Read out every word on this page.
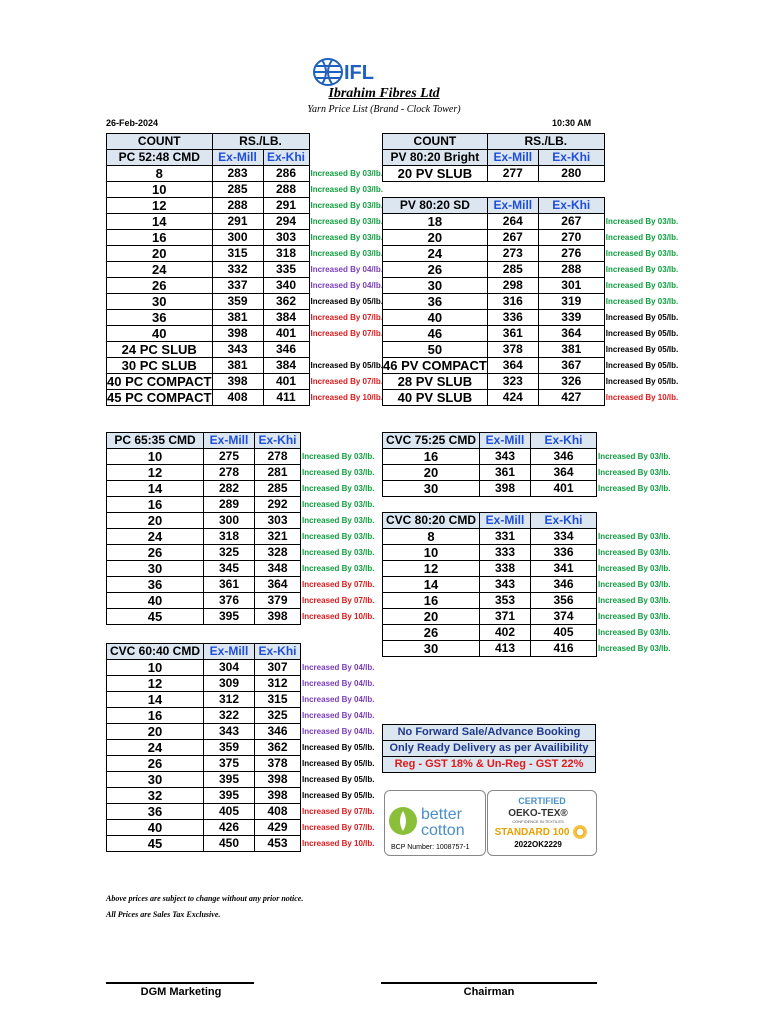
IFL
Ibrahim Fibres Ltd
Yarn Price List (Brand - Clock Tower)
26-Feb-2024	10:30 AM
COUNT	RS./LB.		
PC 52:48 CMD	Ex-Mill	Ex-Khi	
8	283	286	Increased By 03/lb.
10	285	288	Increased By 03/lb.
12	288	291	Increased By 03/lb.
14	291	294	Increased By 03/lb.
16	300	303	Increased By 03/lb.
20	315	318	Increased By 03/lb.
24	332	335	Increased By 04/lb.
26	337	340	Increased By 04/lb.
30	359	362	Increased By 05/lb.
36	381	384	Increased By 07/lb.
40	398	401	Increased By 07/lb.
24 PC SLUB	343	346	
30 PC SLUB	381	384	Increased By 05/lb.
40 PC COMPACT	398	401	Increased By 07/lb.
45 PC COMPACT	408	411	Increased By 10/lb.
COUNT	RS./LB.		
PV 80:20 Bright	Ex-Mill	Ex-Khi	
20 PV SLUB	277	280	

PV 80:20 SD	Ex-Mill	Ex-Khi	
18	264	267	Increased By 03/lb.
20	267	270	Increased By 03/lb.
24	273	276	Increased By 03/lb.
26	285	288	Increased By 03/lb.
30	298	301	Increased By 03/lb.
36	316	319	Increased By 03/lb.
40	336	339	Increased By 05/lb.
46	361	364	Increased By 05/lb.
50	378	381	Increased By 05/lb.
46 PV COMPACT	364	367	Increased By 05/lb.
28 PV SLUB	323	326	Increased By 05/lb.
40 PV SLUB	424	427	Increased By 10/lb.
PC 65:35 CMD	Ex-Mill	Ex-Khi	
10	275	278	Increased By 03/lb.
12	278	281	Increased By 03/lb.
14	282	285	Increased By 03/lb.
16	289	292	Increased By 03/lb.
20	300	303	Increased By 03/lb.
24	318	321	Increased By 03/lb.
26	325	328	Increased By 03/lb.
30	345	348	Increased By 03/lb.
36	361	364	Increased By 07/lb.
40	376	379	Increased By 07/lb.
45	395	398	Increased By 10/lb.
CVC 75:25 CMD	Ex-Mill	Ex-Khi	
16	343	346	Increased By 03/lb.
20	361	364	Increased By 03/lb.
30	398	401	Increased By 03/lb.

CVC 80:20 CMD	Ex-Mill	Ex-Khi	
8	331	334	Increased By 03/lb.
10	333	336	Increased By 03/lb.
12	338	341	Increased By 03/lb.
14	343	346	Increased By 03/lb.
16	353	356	Increased By 03/lb.
20	371	374	Increased By 03/lb.
26	402	405	Increased By 03/lb.
30	413	416	Increased By 03/lb.
CVC 60:40 CMD	Ex-Mill	Ex-Khi	
10	304	307	Increased By 04/lb.
12	309	312	Increased By 04/lb.
14	312	315	Increased By 04/lb.
16	322	325	Increased By 04/lb.
20	343	346	Increased By 04/lb.
24	359	362	Increased By 05/lb.
26	375	378	Increased By 05/lb.
30	395	398	Increased By 05/lb.
32	395	398	Increased By 05/lb.
36	405	408	Increased By 07/lb.
40	426	429	Increased By 07/lb.
45	450	453	Increased By 10/lb.
No Forward Sale/Advance Booking
Only Ready Delivery as per Availibility
Reg - GST 18% & Un-Reg - GST 22%
better
cotton
BCP Number: 1008757-1
CERTIFIED
OEKO-TEX®
CONFIDENCE IN TEXTILES
STANDARD 100
2022OK2229
Above prices are subject to change without any prior notice.
All Prices are Sales Tax Exclusive.
DGM Marketing	Chairman
